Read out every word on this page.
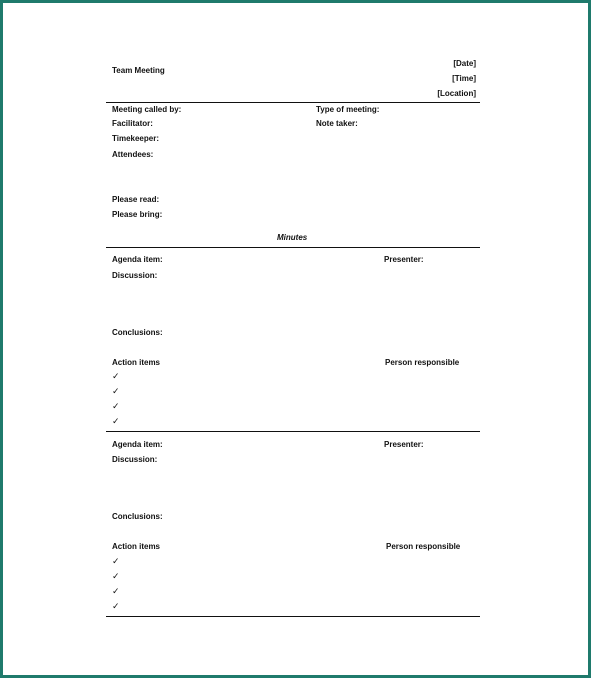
Team Meeting
[Date]
[Time]
[Location]
Meeting called by:	Type of meeting:
Facilitator:	Note taker:
Timekeeper:
Attendees:
Please read:
Please bring:
Minutes
Agenda item:	Presenter:
Discussion:
Conclusions:
Action items	Person responsible
✓
✓
✓
✓
Agenda item:	Presenter:
Discussion:
Conclusions:
Action items	Person responsible
✓
✓
✓
✓
